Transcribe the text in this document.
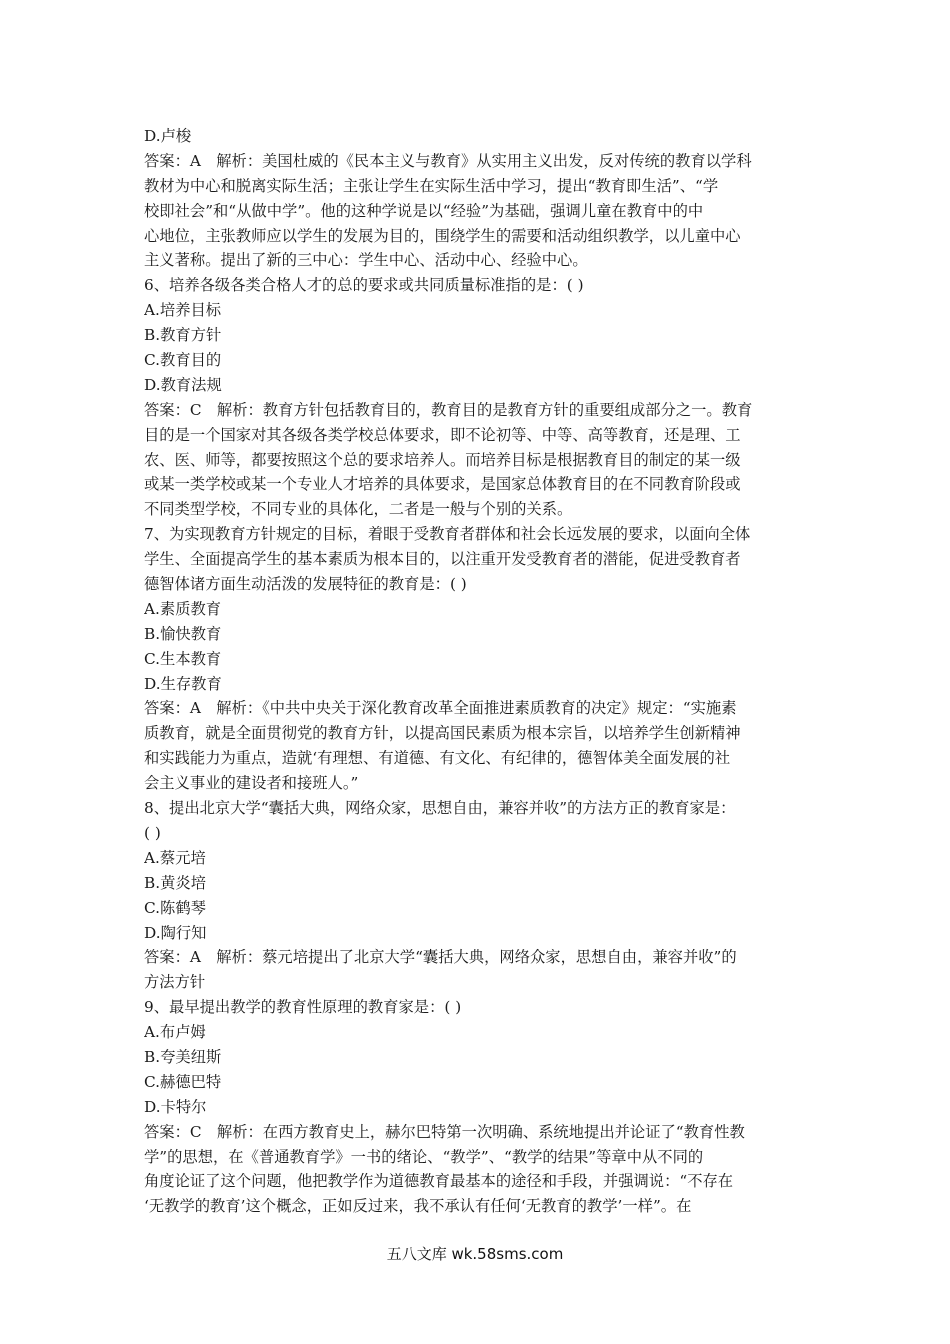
D.卢梭
答案：A　解析：美国杜威的《民本主义与教育》从实用主义出发，反对传统的教育以学科
教材为中心和脱离实际生活；主张让学生在实际生活中学习，提出“教育即生活”、“学
校即社会”和“从做中学”。他的这种学说是以“经验”为基础，强调儿童在教育中的中
心地位，主张教师应以学生的发展为目的，围绕学生的需要和活动组织教学，以儿童中心
主义著称。提出了新的三中心：学生中心、活动中心、经验中心。
6、培养各级各类合格人才的总的要求或共同质量标准指的是：( )
A.培养目标
B.教育方针
C.教育目的
D.教育法规
答案：C　解析：教育方针包括教育目的，教育目的是教育方针的重要组成部分之一。教育
目的是一个国家对其各级各类学校总体要求，即不论初等、中等、高等教育，还是理、工
农、医、师等，都要按照这个总的要求培养人。而培养目标是根据教育目的制定的某一级
或某一类学校或某一个专业人才培养的具体要求，是国家总体教育目的在不同教育阶段或
不同类型学校，不同专业的具体化，二者是一般与个别的关系。
7、为实现教育方针规定的目标，着眼于受教育者群体和社会长远发展的要求，以面向全体
学生、全面提高学生的基本素质为根本目的，以注重开发受教育者的潜能，促进受教育者
德智体诸方面生动活泼的发展特征的教育是：( )
A.素质教育
B.愉快教育
C.生本教育
D.生存教育
答案：A　解析：《中共中央关于深化教育改革全面推进素质教育的决定》规定：“实施素
质教育，就是全面贯彻党的教育方针，以提高国民素质为根本宗旨，以培养学生创新精神
和实践能力为重点，造就‘有理想、有道德、有文化、有纪律的，德智体美全面发展的社
会主义事业的建设者和接班人。”
8、提出北京大学“囊括大典，网络众家，思想自由，兼容并收”的方法方正的教育家是：
( )
A.蔡元培
B.黄炎培
C.陈鹤琴
D.陶行知
答案：A　解析：蔡元培提出了北京大学“囊括大典，网络众家，思想自由，兼容并收”的
方法方针
9、最早提出教学的教育性原理的教育家是：( )
A.布卢姆
B.夸美纽斯
C.赫德巴特
D.卡特尔
答案：C　解析：在西方教育史上，赫尔巴特第一次明确、系统地提出并论证了“教育性教
学”的思想，在《普通教育学》一书的绪论、“教学”、“教学的结果”等章中从不同的
角度论证了这个问题，他把教学作为道德教育最基本的途径和手段，并强调说：“不存在
‘无教学的教育’这个概念，正如反过来，我不承认有任何‘无教育的教学’一样”。在
五八文库 wk.58sms.com
